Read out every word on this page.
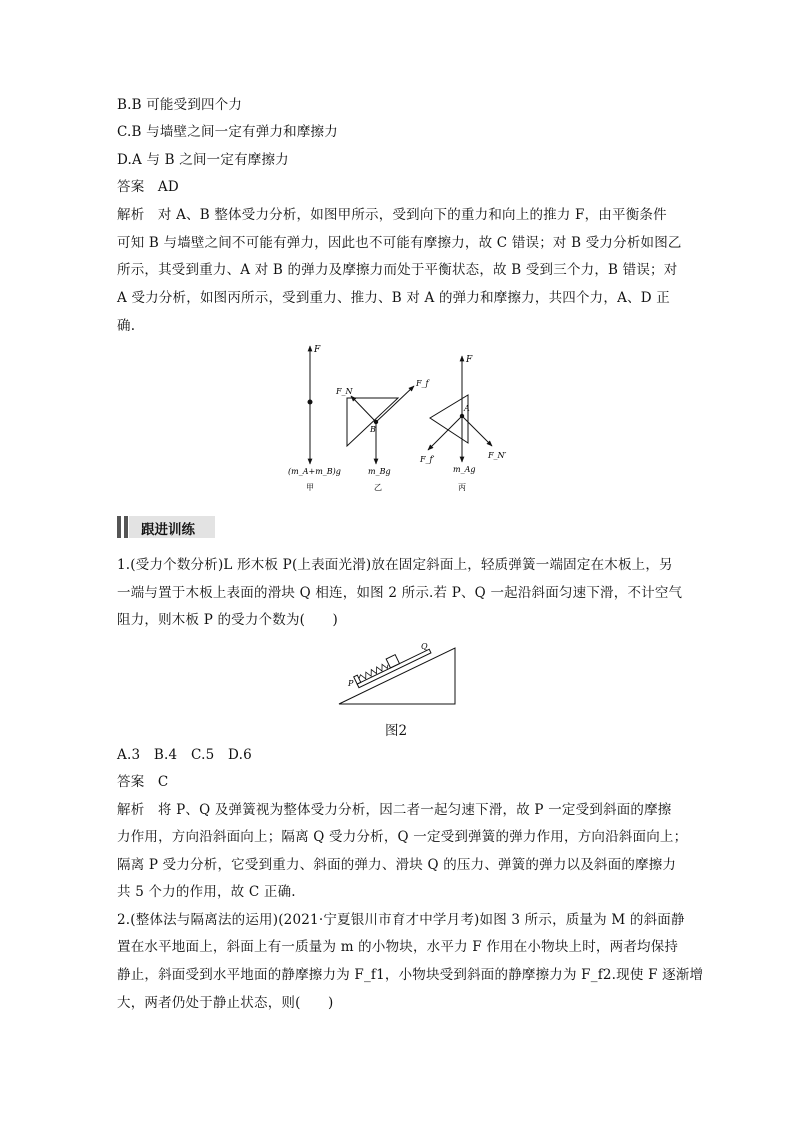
B.B 可能受到四个力
C.B 与墙壁之间一定有弹力和摩擦力
D.A 与 B 之间一定有摩擦力
答案 AD
解析 对 A、B 整体受力分析，如图甲所示，受到向下的重力和向上的推力 F，由平衡条件
可知 B 与墙壁之间不可能有弹力，因此也不可能有摩擦力，故 C 错误；对 B 受力分析如图乙
所示，其受到重力、A 对 B 的弹力及摩擦力而处于平衡状态，故 B 受到三个力，B 错误；对
A 受力分析，如图丙所示，受到重力、推力、B 对 A 的弹力和摩擦力，共四个力，A、D 正
确.
F
(m_A+m_B)g
甲
F_N
F_f
B
m_Bg
乙
F
A
F_f′	F_N′
m_Ag
丙
跟进训练
1.(受力个数分析)L 形木板 P(上表面光滑)放在固定斜面上，轻质弹簧一端固定在木板上，另
一端与置于木板上表面的滑块 Q 相连，如图 2 所示.若 P、Q 一起沿斜面匀速下滑，不计空气
阻力，则木板 P 的受力个数为(　　)
P
Q
图2
A.3　B.4　C.5　D.6
答案 C
解析 将 P、Q 及弹簧视为整体受力分析，因二者一起匀速下滑，故 P 一定受到斜面的摩擦
力作用，方向沿斜面向上；隔离 Q 受力分析，Q 一定受到弹簧的弹力作用，方向沿斜面向上；
隔离 P 受力分析，它受到重力、斜面的弹力、滑块 Q 的压力、弹簧的弹力以及斜面的摩擦力
共 5 个力的作用，故 C 正确.
2.(整体法与隔离法的运用)(2021·宁夏银川市育才中学月考)如图 3 所示，质量为 M 的斜面静
置在水平地面上，斜面上有一质量为 m 的小物块，水平力 F 作用在小物块上时，两者均保持
静止，斜面受到水平地面的静摩擦力为 F_f1，小物块受到斜面的静摩擦力为 F_f2.现使 F 逐渐增
大，两者仍处于静止状态，则(　　)
